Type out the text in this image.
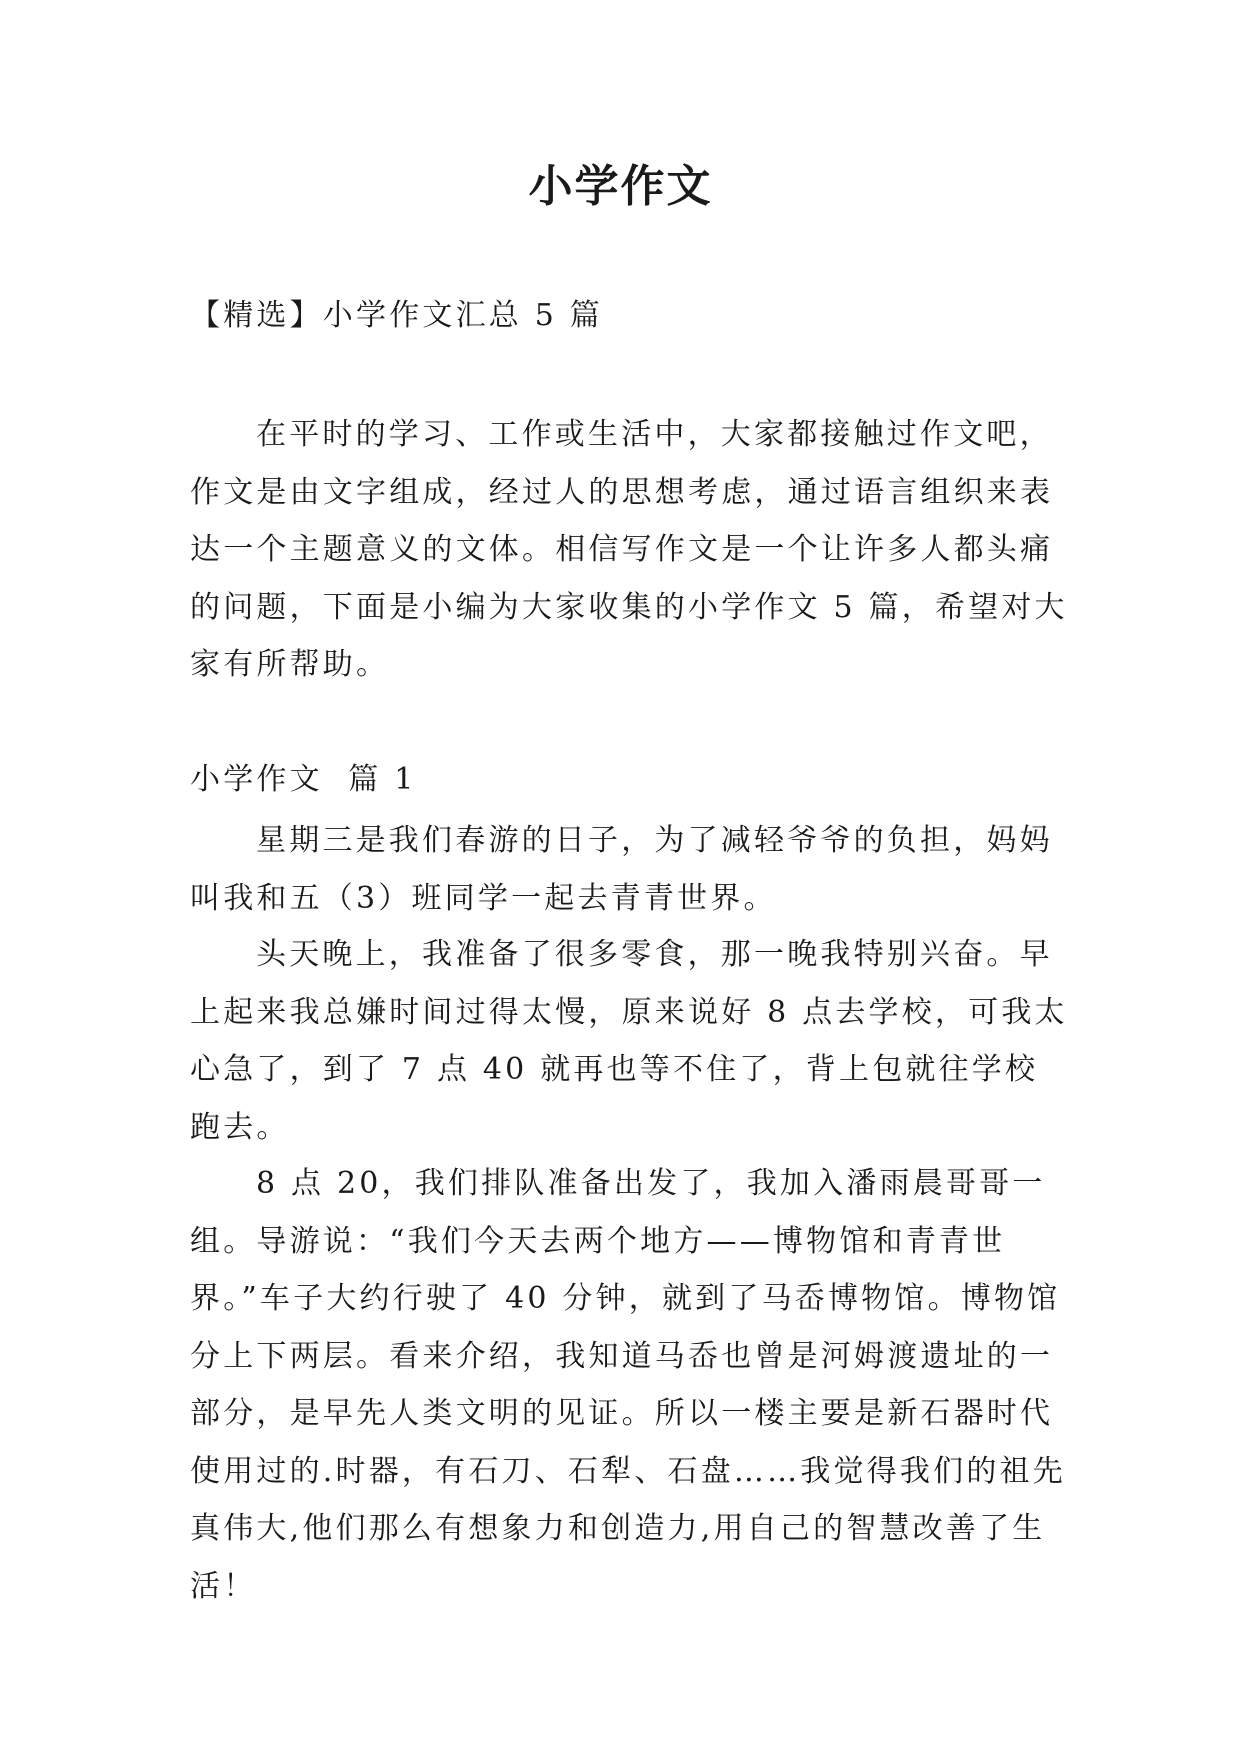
小学作文

【精选】小学作文汇总 5 篇

在平时的学习、工作或生活中，大家都接触过作文吧，作文是由文字组成，经过人的思想考虑，通过语言组织来表达一个主题意义的文体。相信写作文是一个让许多人都头痛的问题，下面是小编为大家收集的小学作文 5 篇，希望对大家有所帮助。

小学作文  篇 1

星期三是我们春游的日子，为了减轻爷爷的负担，妈妈叫我和五（3）班同学一起去青青世界。

头天晚上，我准备了很多零食，那一晚我特别兴奋。早上起来我总嫌时间过得太慢，原来说好 8 点去学校，可我太心急了，到了 7 点 40 就再也等不住了，背上包就往学校跑去。

8 点 20，我们排队准备出发了，我加入潘雨晨哥哥一组。导游说：“我们今天去两个地方——博物馆和青青世界。”车子大约行驶了 40 分钟，就到了马岙博物馆。博物馆分上下两层。看来介绍，我知道马岙也曾是河姆渡遗址的一部分，是早先人类文明的见证。所以一楼主要是新石器时代使用过的.时器，有石刀、石犁、石盘……我觉得我们的祖先真伟大,他们那么有想象力和创造力,用自己的智慧改善了生活！
